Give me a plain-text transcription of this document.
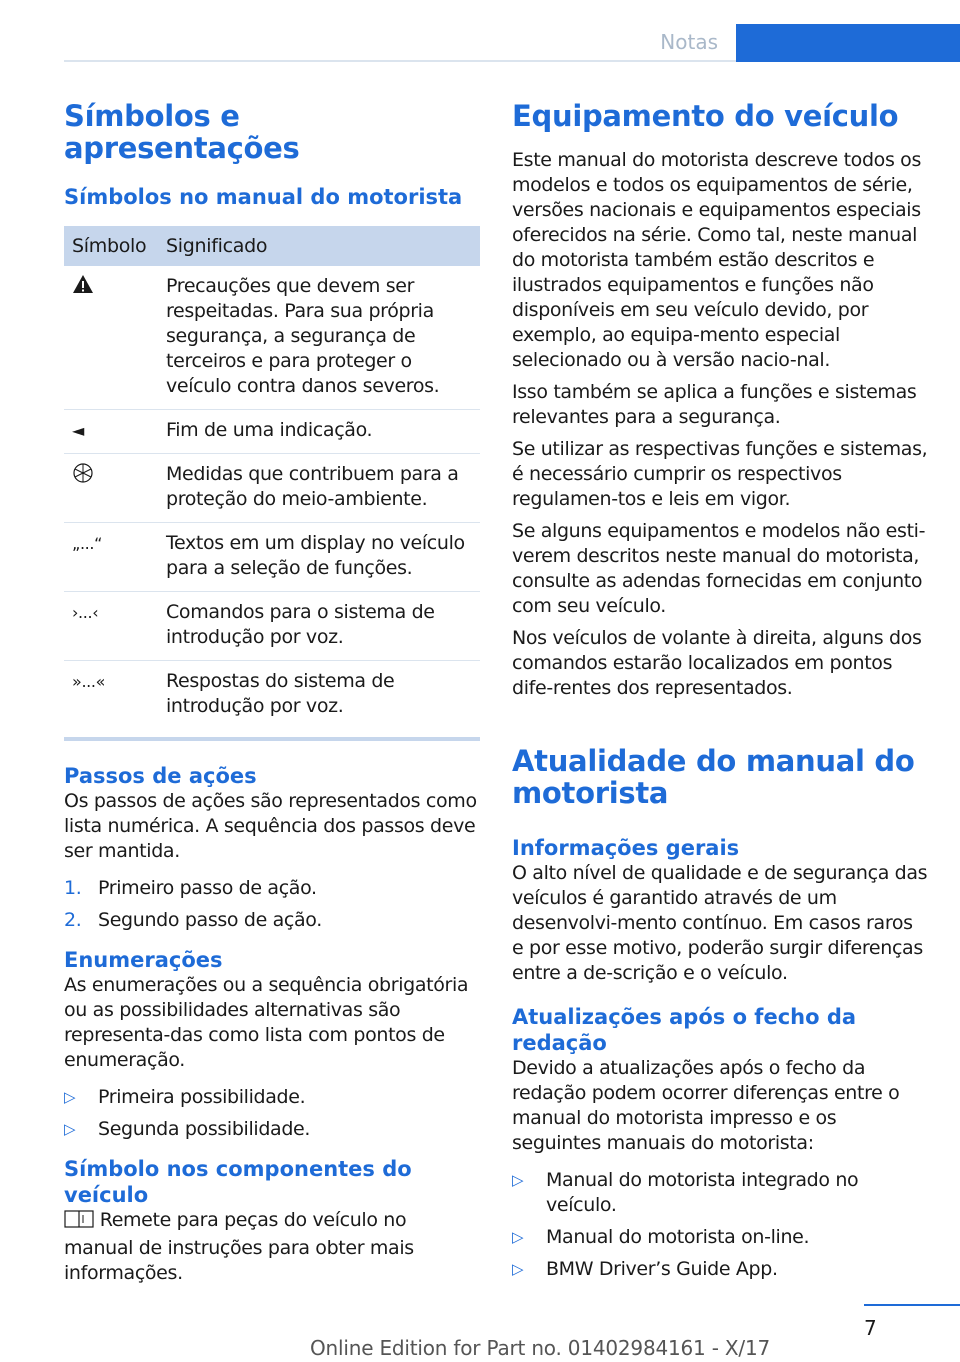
Notas
Símbolos e apresentações
Símbolos no manual do motorista
Símbolo	Significado
	Precauções que devem ser respeitadas. Para sua própria segurança, a segurança de terceiros e para proteger o veículo contra danos severos.
◄	Fim de uma indicação.
	Medidas que contribuem para a proteção do meio-ambiente.
„...“	Textos em um display no veículo para a seleção de funções.
›...‹	Comandos para o sistema de introdução por voz.
»...«	Respostas do sistema de introdução por voz.
Passos de ações

Os passos de ações são representados como lista numérica. A sequência dos passos deve ser mantida.

1. Primeiro passo de ação.
2. Segundo passo de ação.
Enumerações

As enumerações ou a sequência obrigatória ou as possibilidades alternativas são representa-das como lista com pontos de enumeração.

▷	Primeira possibilidade.
▷	Segunda possibilidade.
Símbolo nos componentes do veículo

Remete para peças do veículo no manual de instruções para obter mais informações.

Equipamento do veículo

Este manual do motorista descreve todos os modelos e todos os equipamentos de série, versões nacionais e equipamentos especiais oferecidos na série. Como tal, neste manual do motorista também estão descritos e ilustrados equipamentos e funções não disponíveis em seu veículo devido, por exemplo, ao equipa-mento especial selecionado ou à versão nacio-nal.

Isso também se aplica a funções e sistemas relevantes para a segurança.

Se utilizar as respectivas funções e sistemas, é necessário cumprir os respectivos regulamen-tos e leis em vigor.

Se alguns equipamentos e modelos não esti-verem descritos neste manual do motorista, consulte as adendas fornecidas em conjunto com seu veículo.

Nos veículos de volante à direita, alguns dos comandos estarão localizados em pontos dife-rentes dos representados.

Atualidade do manual do motorista
Informações gerais

O alto nível de qualidade e de segurança das veículos é garantido através de um desenvolvi-mento contínuo. Em casos raros e por esse motivo, poderão surgir diferenças entre a de-scrição e o veículo.

Atualizações após o fecho da redação

Devido a atualizações após o fecho da redação podem ocorrer diferenças entre o manual do motorista impresso e os seguintes manuais do motorista:

▷	Manual do motorista integrado no veículo.
▷	Manual do motorista on-line.
▷	BMW Driver’s Guide App.
7
Online Edition for Part no. 01402984161 - X/17
